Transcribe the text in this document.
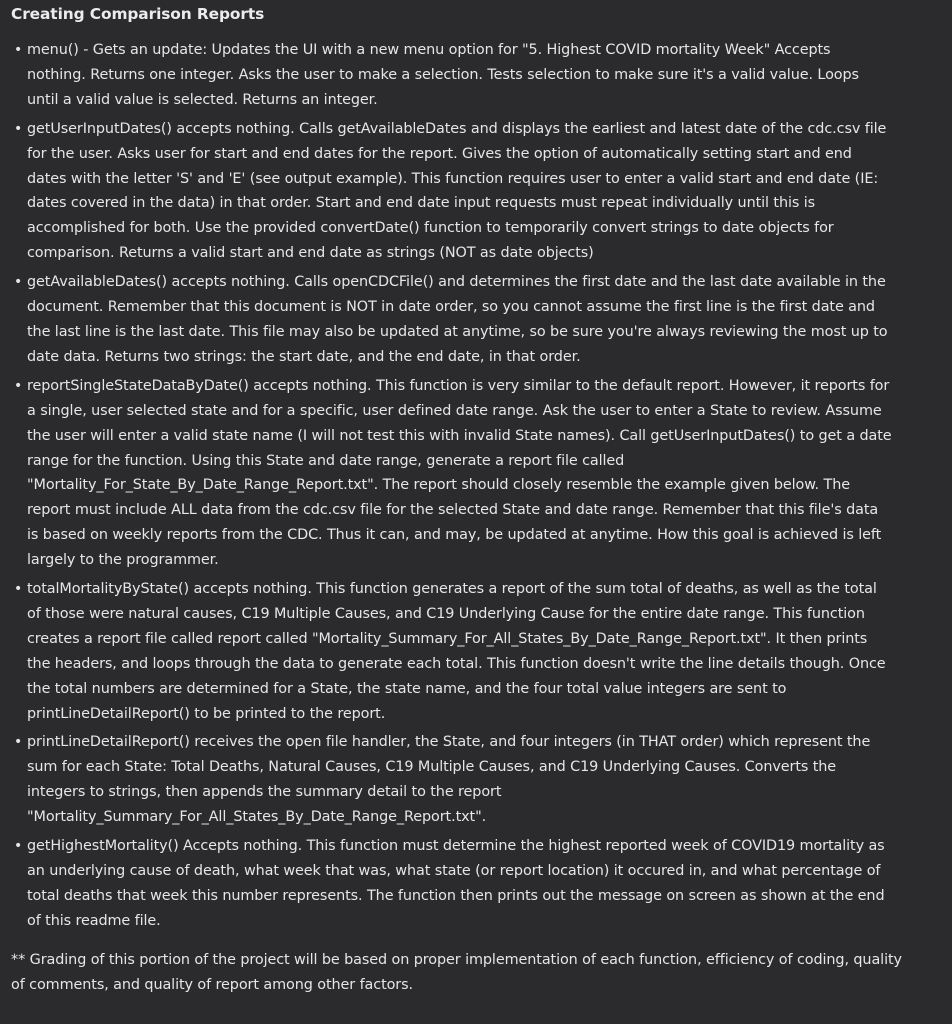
Creating Comparison Reports
• menu() - Gets an update: Updates the UI with a new menu option for "5. Highest COVID mortality Week" Accepts nothing. Returns one integer. Asks the user to make a selection. Tests selection to make sure it's a valid value. Loops until a valid value is selected. Returns an integer.
• getUserInputDates() accepts nothing. Calls getAvailableDates and displays the earliest and latest date of the cdc.csv file for the user. Asks user for start and end dates for the report. Gives the option of automatically setting start and end dates with the letter 'S' and 'E' (see output example). This function requires user to enter a valid start and end date (IE: dates covered in the data) in that order. Start and end date input requests must repeat individually until this is accomplished for both. Use the provided convertDate() function to temporarily convert strings to date objects for comparison. Returns a valid start and end date as strings (NOT as date objects)
• getAvailableDates() accepts nothing. Calls openCDCFile() and determines the first date and the last date available in the document. Remember that this document is NOT in date order, so you cannot assume the first line is the first date and the last line is the last date. This file may also be updated at anytime, so be sure you're always reviewing the most up to date data. Returns two strings: the start date, and the end date, in that order.
• reportSingleStateDataByDate() accepts nothing. This function is very similar to the default report. However, it reports for a single, user selected state and for a specific, user defined date range. Ask the user to enter a State to review. Assume the user will enter a valid state name (I will not test this with invalid State names). Call getUserInputDates() to get a date range for the function. Using this State and date range, generate a report file called "Mortality_For_State_By_Date_Range_Report.txt". The report should closely resemble the example given below. The report must include ALL data from the cdc.csv file for the selected State and date range. Remember that this file's data is based on weekly reports from the CDC. Thus it can, and may, be updated at anytime. How this goal is achieved is left largely to the programmer.
• totalMortalityByState() accepts nothing. This function generates a report of the sum total of deaths, as well as the total of those were natural causes, C19 Multiple Causes, and C19 Underlying Cause for the entire date range. This function creates a report file called report called "Mortality_Summary_For_All_States_By_Date_Range_Report.txt". It then prints the headers, and loops through the data to generate each total. This function doesn't write the line details though. Once the total numbers are determined for a State, the state name, and the four total value integers are sent to printLineDetailReport() to be printed to the report.
• printLineDetailReport() receives the open file handler, the State, and four integers (in THAT order) which represent the sum for each State: Total Deaths, Natural Causes, C19 Multiple Causes, and C19 Underlying Causes. Converts the integers to strings, then appends the summary detail to the report "Mortality_Summary_For_All_States_By_Date_Range_Report.txt".
• getHighestMortality() Accepts nothing. This function must determine the highest reported week of COVID19 mortality as an underlying cause of death, what week that was, what state (or report location) it occured in, and what percentage of total deaths that week this number represents. The function then prints out the message on screen as shown at the end of this readme file.

** Grading of this portion of the project will be based on proper implementation of each function, efficiency of coding, quality of comments, and quality of report among other factors.
